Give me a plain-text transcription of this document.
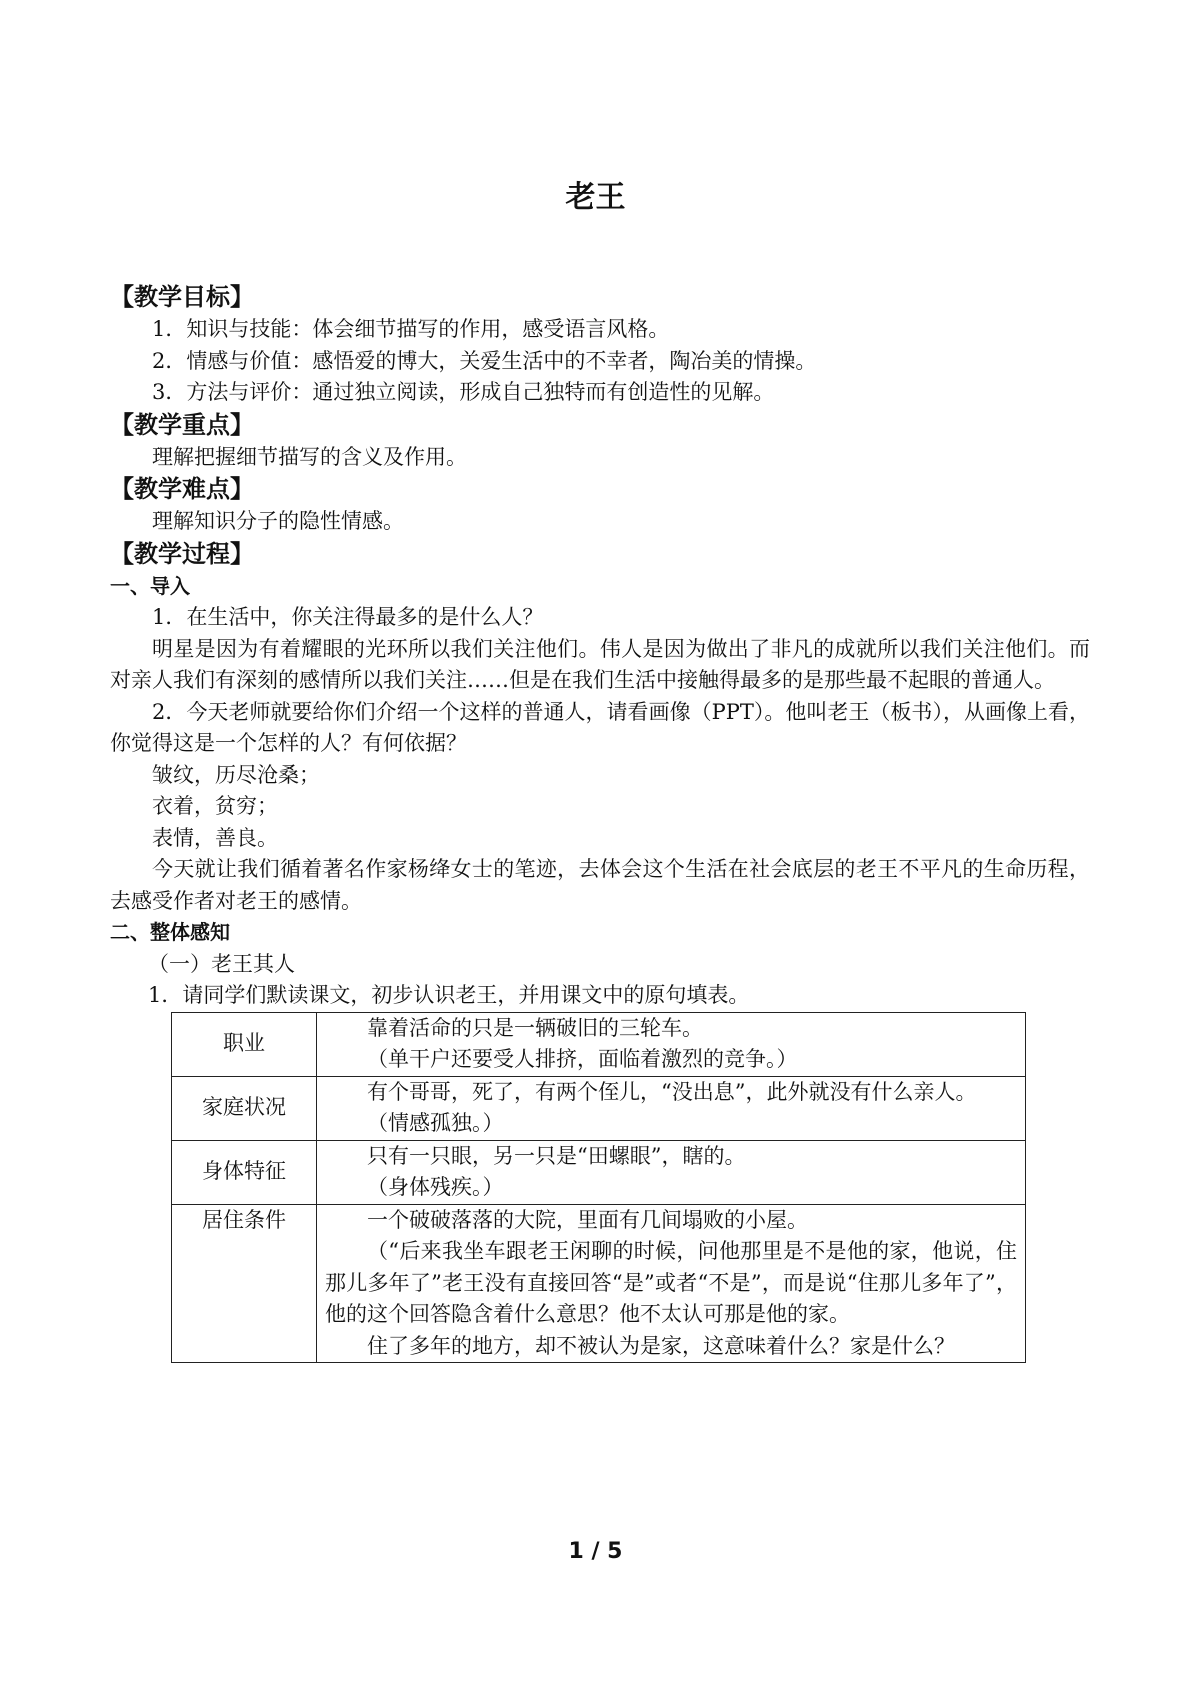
老王

【教学目标】

1．知识与技能：体会细节描写的作用，感受语言风格。

2．情感与价值：感悟爱的博大，关爱生活中的不幸者，陶冶美的情操。

3．方法与评价：通过独立阅读，形成自己独特而有创造性的见解。

【教学重点】

理解把握细节描写的含义及作用。

【教学难点】

理解知识分子的隐性情感。

【教学过程】

一、导入

1．在生活中，你关注得最多的是什么人？

明星是因为有着耀眼的光环所以我们关注他们。伟人是因为做出了非凡的成就所以我们关注他们。而对亲人我们有深刻的感情所以我们关注……但是在我们生活中接触得最多的是那些最不起眼的普通人。

2．今天老师就要给你们介绍一个这样的普通人，请看画像（PPT）。他叫老王（板书），从画像上看，你觉得这是一个怎样的人？有何依据？

皱纹，历尽沧桑；

衣着，贫穷；

表情，善良。

今天就让我们循着著名作家杨绛女士的笔迹，去体会这个生活在社会底层的老王不平凡的生命历程，去感受作者对老王的感情。

二、整体感知

（一）老王其人

1．请同学们默读课文，初步认识老王，并用课文中的原句填表。

职业	靠着活命的只是一辆破旧的三轮车。

（单干户还要受人排挤，面临着激烈的竞争。）

家庭状况	有个哥哥，死了，有两个侄儿，“没出息”，此外就没有什么亲人。

（情感孤独。）

身体特征	只有一只眼，另一只是“田螺眼”，瞎的。

（身体残疾。）

居住条件	一个破破落落的大院，里面有几间塌败的小屋。

（“后来我坐车跟老王闲聊的时候，问他那里是不是他的家，他说，住那儿多年了”老王没有直接回答“是”或者“不是”，而是说“住那儿多年了”，他的这个回答隐含着什么意思？他不太认可那是他的家。

住了多年的地方，却不被认为是家，这意味着什么？家是什么？

1 / 5
